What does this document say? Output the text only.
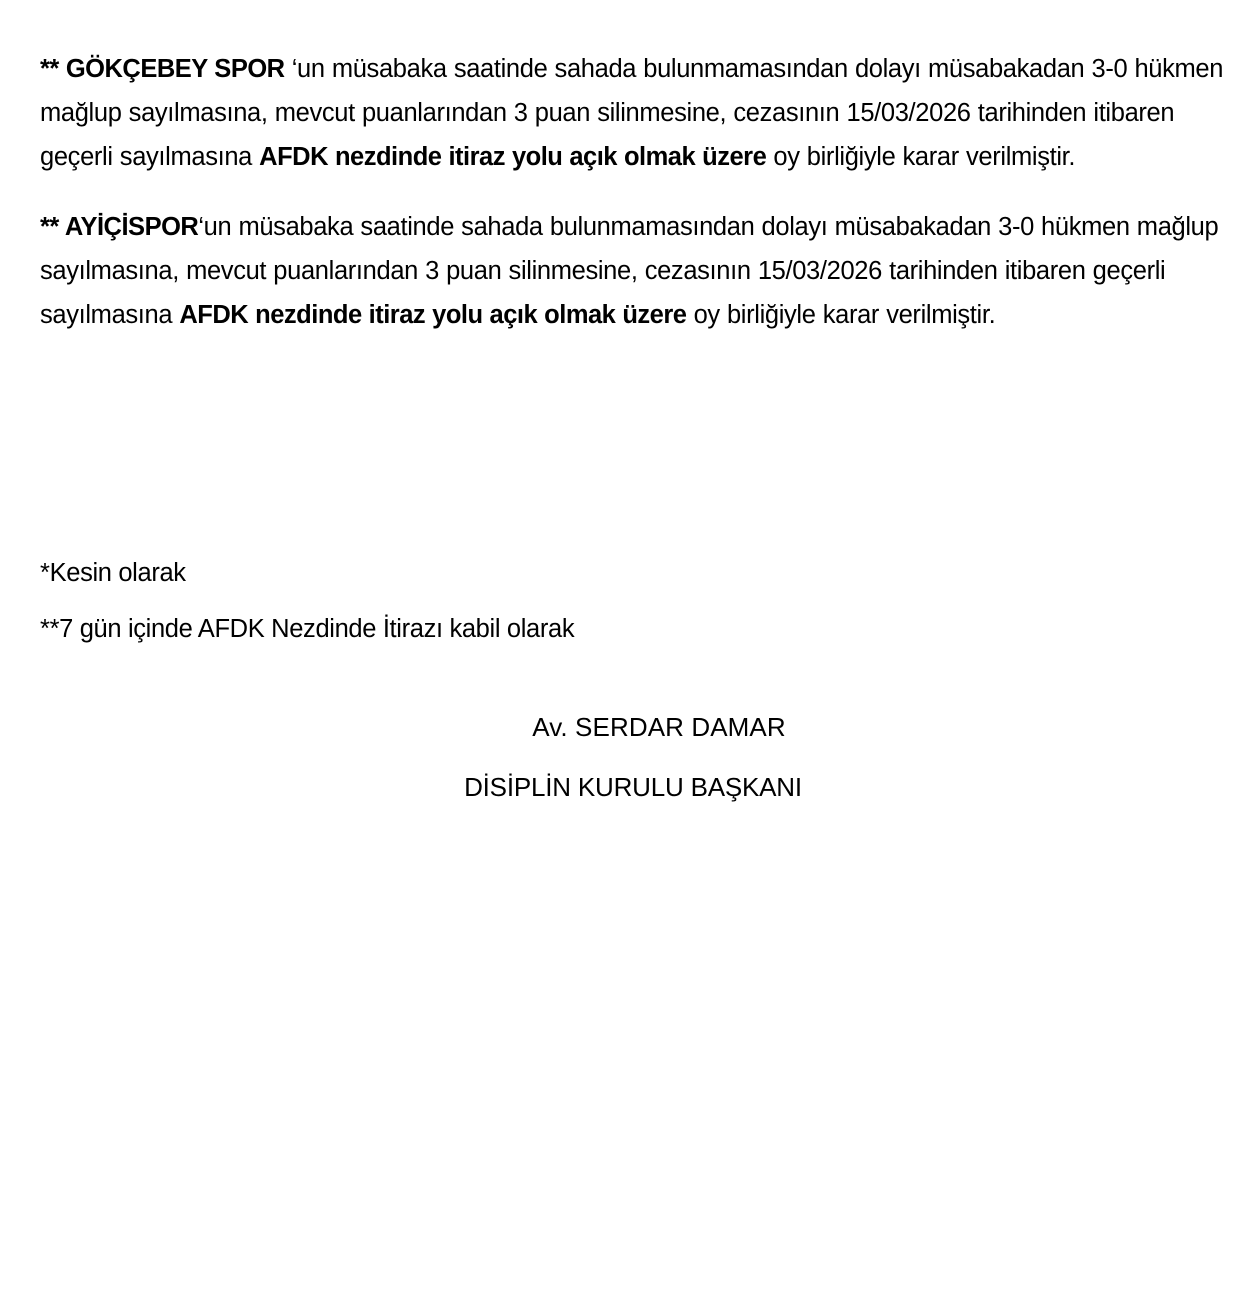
** GÖKÇEBEY SPOR ‘un müsabaka saatinde sahada bulunmamasından dolayı müsabakadan 3-0 hükmen mağlup sayılmasına, mevcut puanlarından 3 puan silinmesine, cezasının 15/03/2026 tarihinden itibaren geçerli sayılmasına AFDK nezdinde itiraz yolu açık olmak üzere oy birliğiyle karar verilmiştir.

** AYİÇİSPOR‘un müsabaka saatinde sahada bulunmamasından dolayı müsabakadan 3-0 hükmen mağlup sayılmasına, mevcut puanlarından 3 puan silinmesine, cezasının 15/03/2026 tarihinden itibaren geçerli sayılmasına AFDK nezdinde itiraz yolu açık olmak üzere oy birliğiyle karar verilmiştir.

*Kesin olarak

**7 gün içinde AFDK Nezdinde İtirazı kabil olarak

Av. SERDAR DAMAR

DİSİPLİN KURULU BAŞKANI
